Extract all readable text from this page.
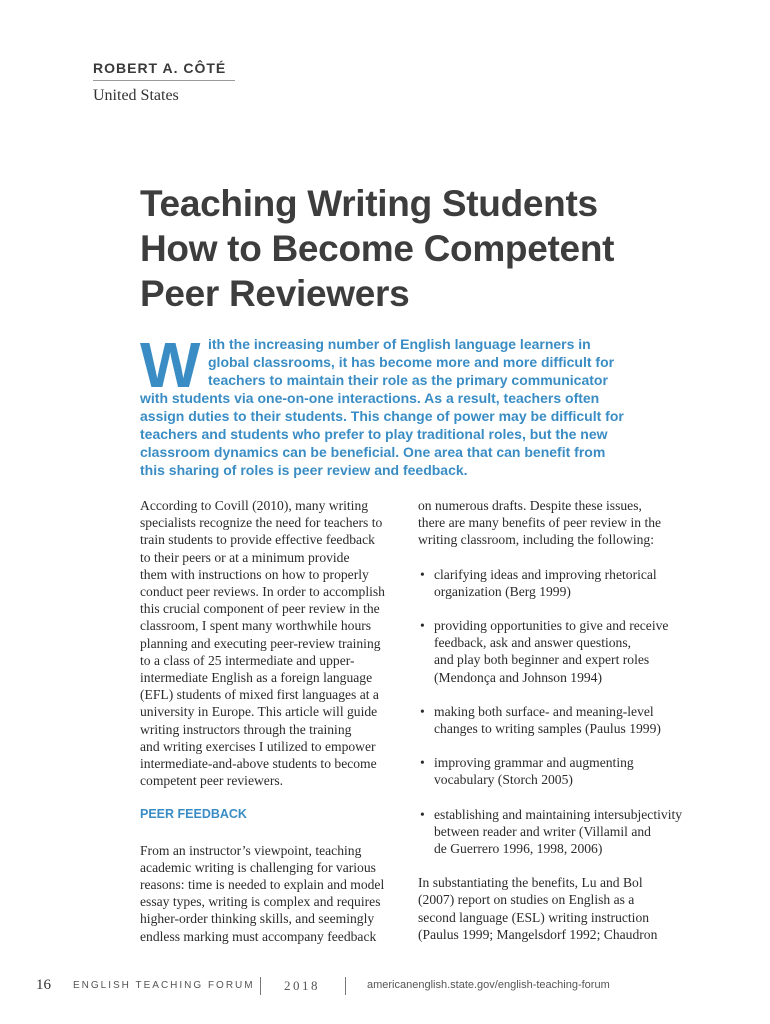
ROBERT A. CÔTÉ
United States
Teaching Writing Students
How to Become Competent
Peer Reviewers
W ith the increasing number of English language learners in
global classrooms, it has become more and more difficult for
teachers to maintain their role as the primary communicator
with students via one-on-one interactions. As a result, teachers often
assign duties to their students. This change of power may be difficult for
teachers and students who prefer to play traditional roles, but the new
classroom dynamics can be beneficial. One area that can benefit from
this sharing of roles is peer review and feedback.
According to Covill (2010), many writing
specialists recognize the need for teachers to
train students to provide effective feedback
to their peers or at a minimum provide
them with instructions on how to properly
conduct peer reviews. In order to accomplish
this crucial component of peer review in the
classroom, I spent many worthwhile hours
planning and executing peer-review training
to a class of 25 intermediate and upper-
intermediate English as a foreign language
(EFL) students of mixed first languages at a
university in Europe. This article will guide
writing instructors through the training
and writing exercises I utilized to empower
intermediate-and-above students to become
competent peer reviewers.
PEER FEEDBACK
From an instructor’s viewpoint, teaching
academic writing is challenging for various
reasons: time is needed to explain and model
essay types, writing is complex and requires
higher-order thinking skills, and seemingly
endless marking must accompany feedback
on numerous drafts. Despite these issues,
there are many benefits of peer review in the
writing classroom, including the following:
• clarifying ideas and improving rhetorical
organization (Berg 1999)
• providing opportunities to give and receive
feedback, ask and answer questions,
and play both beginner and expert roles
(Mendonça and Johnson 1994)
• making both surface- and meaning-level
changes to writing samples (Paulus 1999)
• improving grammar and augmenting
vocabulary (Storch 2005)
• establishing and maintaining intersubjectivity
between reader and writer (Villamil and
de Guerrero 1996, 1998, 2006)
In substantiating the benefits, Lu and Bol
(2007) report on studies on English as a
second language (ESL) writing instruction
(Paulus 1999; Mangelsdorf 1992; Chaudron
16 ENGLISH TEACHING FORUM 2018	americanenglish.state.gov/english-teaching-forum
